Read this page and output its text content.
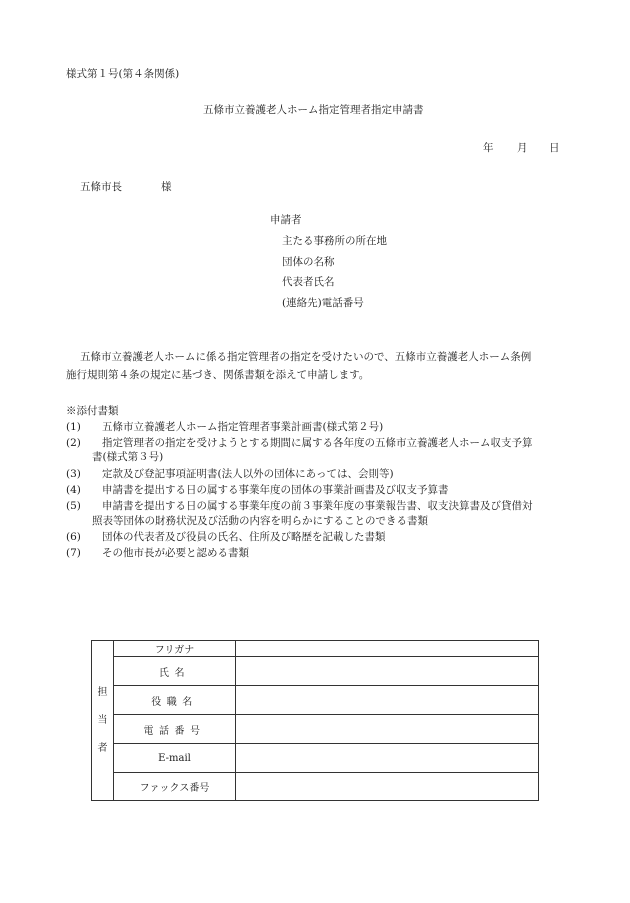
様式第１号(第４条関係)
五條市立養護老人ホーム指定管理者指定申請書
年 月 日
五條市長	様
申請者
主たる事務所の所在地
団体の名称
代表者氏名
(連絡先)電話番号
五條市立養護老人ホームに係る指定管理者の指定を受けたいので、五條市立養護老人ホーム条例
施行規則第４条の規定に基づき、関係書類を添えて申請します。
※添付書類
(1) 五條市立養護老人ホーム指定管理者事業計画書(様式第２号)
(2) 指定管理者の指定を受けようとする期間に属する各年度の五條市立養護老人ホーム収支予算
書(様式第３号)
(3) 定款及び登記事項証明書(法人以外の団体にあっては、会則等)
(4) 申請書を提出する日の属する事業年度の団体の事業計画書及び収支予算書
(5) 申請書を提出する日の属する事業年度の前３事業年度の事業報告書、収支決算書及び貸借対
照表等団体の財務状況及び活動の内容を明らかにすることのできる書類
(6) 団体の代表者及び役員の氏名、住所及び略歴を記載した書類
(7) その他市長が必要と認める書類
担
当
者	フリガナ	
	氏名	
	役職名	
	電話番号	
	E-mail	
	ファックス番号	
